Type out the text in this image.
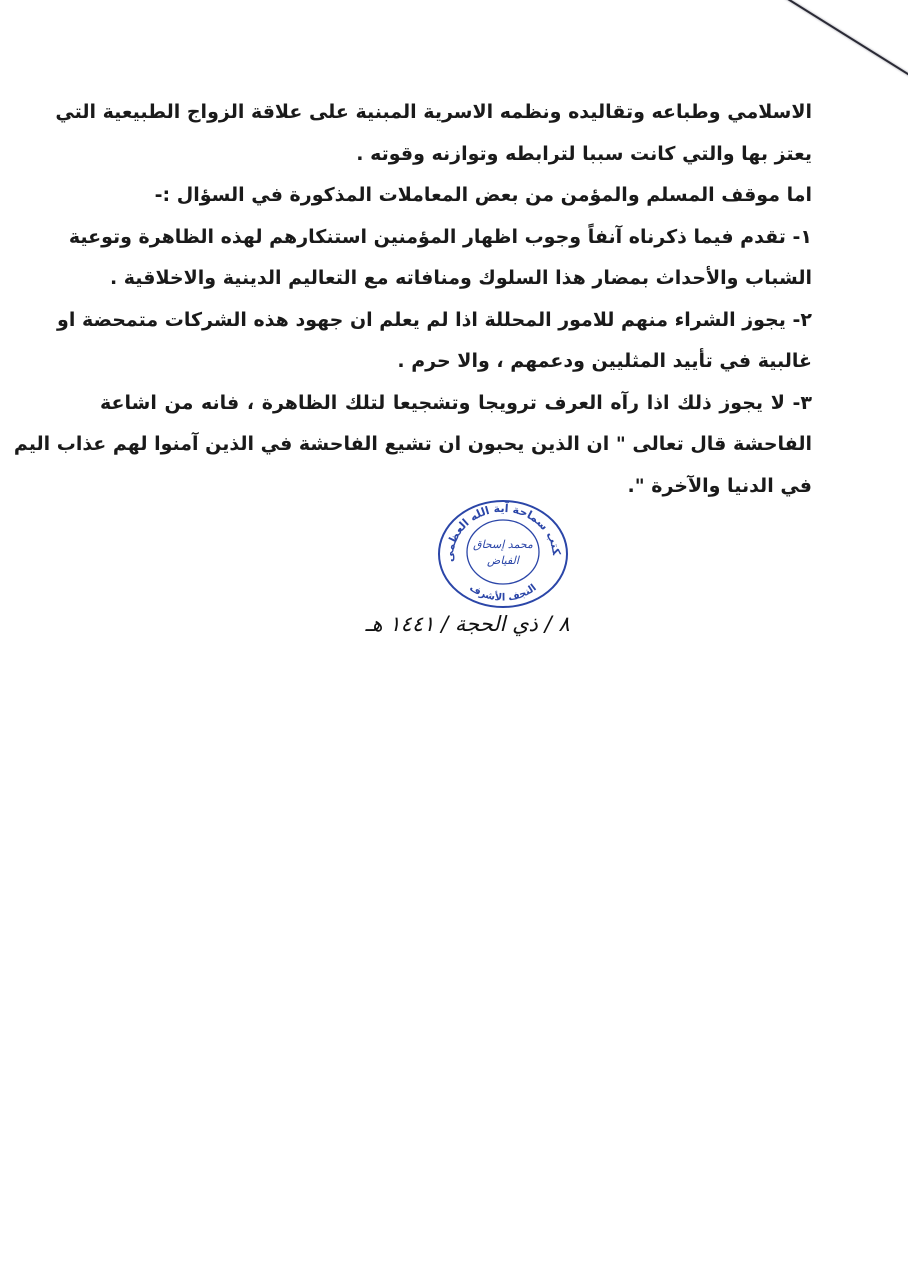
الاسلامي وطباعه وتقاليده ونظمه الاسرية المبنية على علاقة الزواج الطبيعية التي
يعتز بها والتي كانت سببا لترابطه وتوازنه وقوته .

اما موقف المسلم والمؤمن من بعض المعاملات المذكورة في السؤال :-

١- تقدم فيما ذكرناه آنفاً وجوب اظهار المؤمنين استنكارهم لهذه الظاهرة وتوعية
الشباب والأحداث بمضار هذا السلوك ومنافاته مع التعاليم الدينية والاخلاقية .

٢- يجوز الشراء منهم للامور المحللة اذا لم يعلم ان جهود هذه الشركات متمحضة او
غالبية في تأييد المثليين ودعمهم ، والا حرم .

٣- لا يجوز ذلك اذا رآه العرف ترويجا وتشجيعا لتلك الظاهرة ، فانه من اشاعة
الفاحشة قال تعالى " ان الذين يحبون ان تشيع الفاحشة في الذين آمنوا لهم عذاب اليم
في الدنيا والآخرة ".

كتب سماحة آية الله العظمى
النجف الأشرف
محمد إسحاق
الفياض
٨ / ذي الحجة / ١٤٤١ هـ
